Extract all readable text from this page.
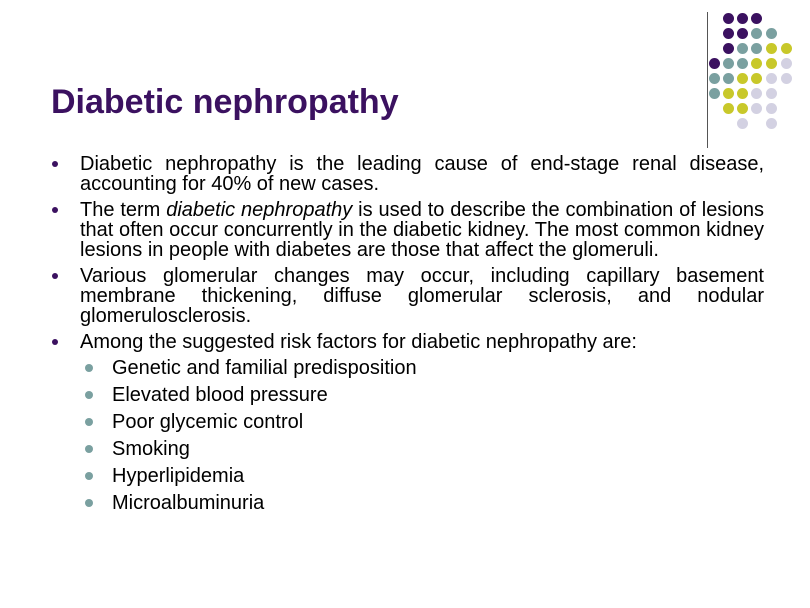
Diabetic nephropathy
Diabetic nephropathy is the leading cause of end-stage renal disease, accounting for 40% of new cases.
The term diabetic nephropathy is used to describe the combination of lesions that often occur concurrently in the diabetic kidney. The most common kidney lesions in people with diabetes are those that affect the glomeruli.
Various glomerular changes may occur, including capillary basement membrane thickening, diffuse glomerular sclerosis, and nodular glomerulosclerosis.
Among the suggested risk factors for diabetic nephropathy are:
Genetic and familial predisposition
Elevated blood pressure
Poor glycemic control
Smoking
Hyperlipidemia
Microalbuminuria
